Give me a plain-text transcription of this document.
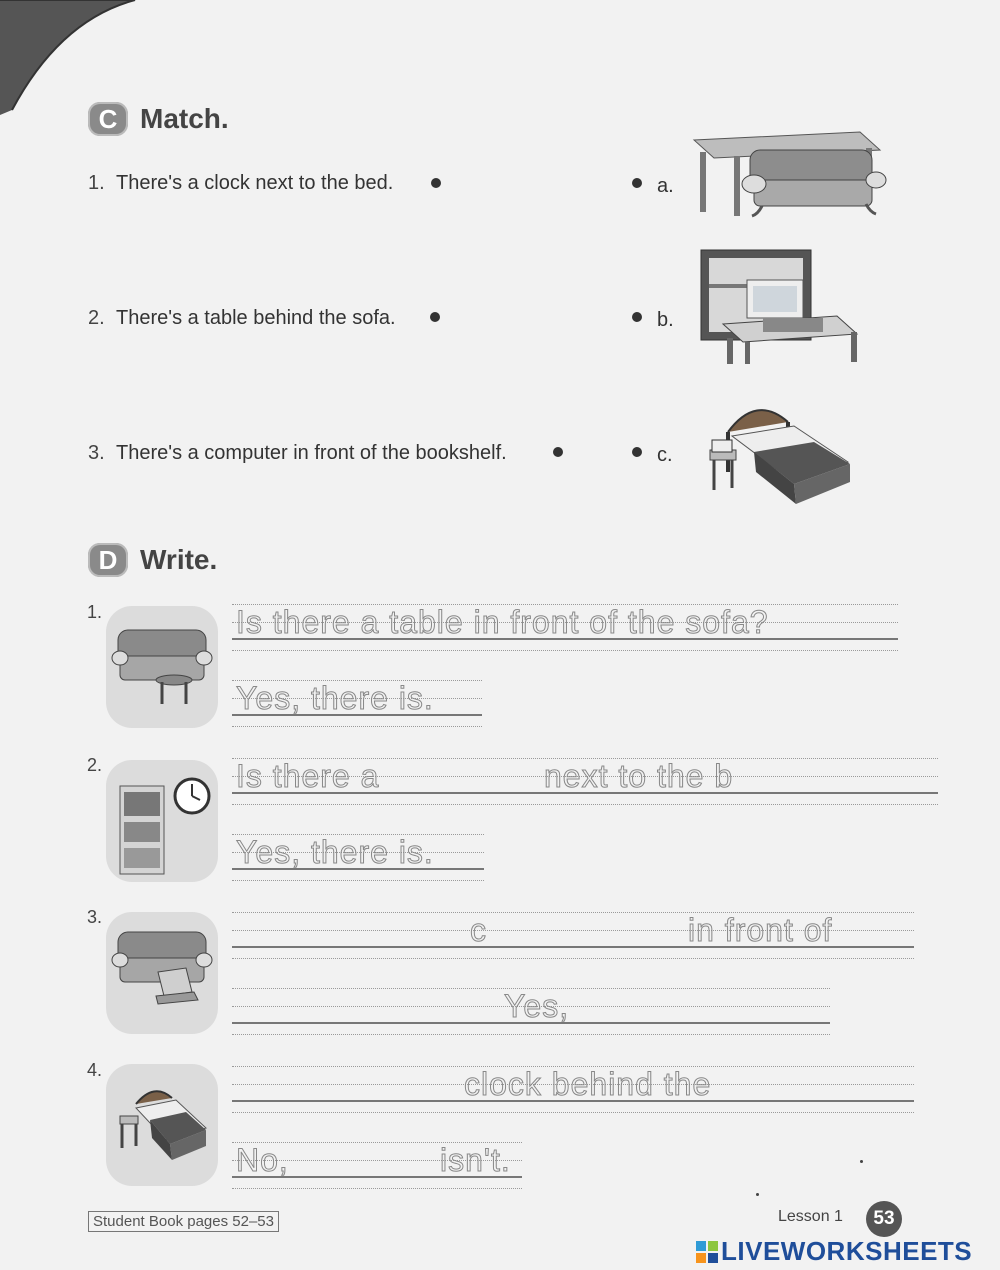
C Match.
1. There's a clock next to the bed.	a.
2. There's a table behind the sofa.	b.
3. There's a computer in front of the bookshelf.	c.
D Write.
1.	Is there a table in front of the sofa?
Yes, there is.
2.	Is there a	next to the b
Yes, there is.
3.	c	in front of
Yes,
4.	clock behind the
No,	isn't.
Student Book pages 52–53	Lesson 1	53
LIVEWORKSHEETS
